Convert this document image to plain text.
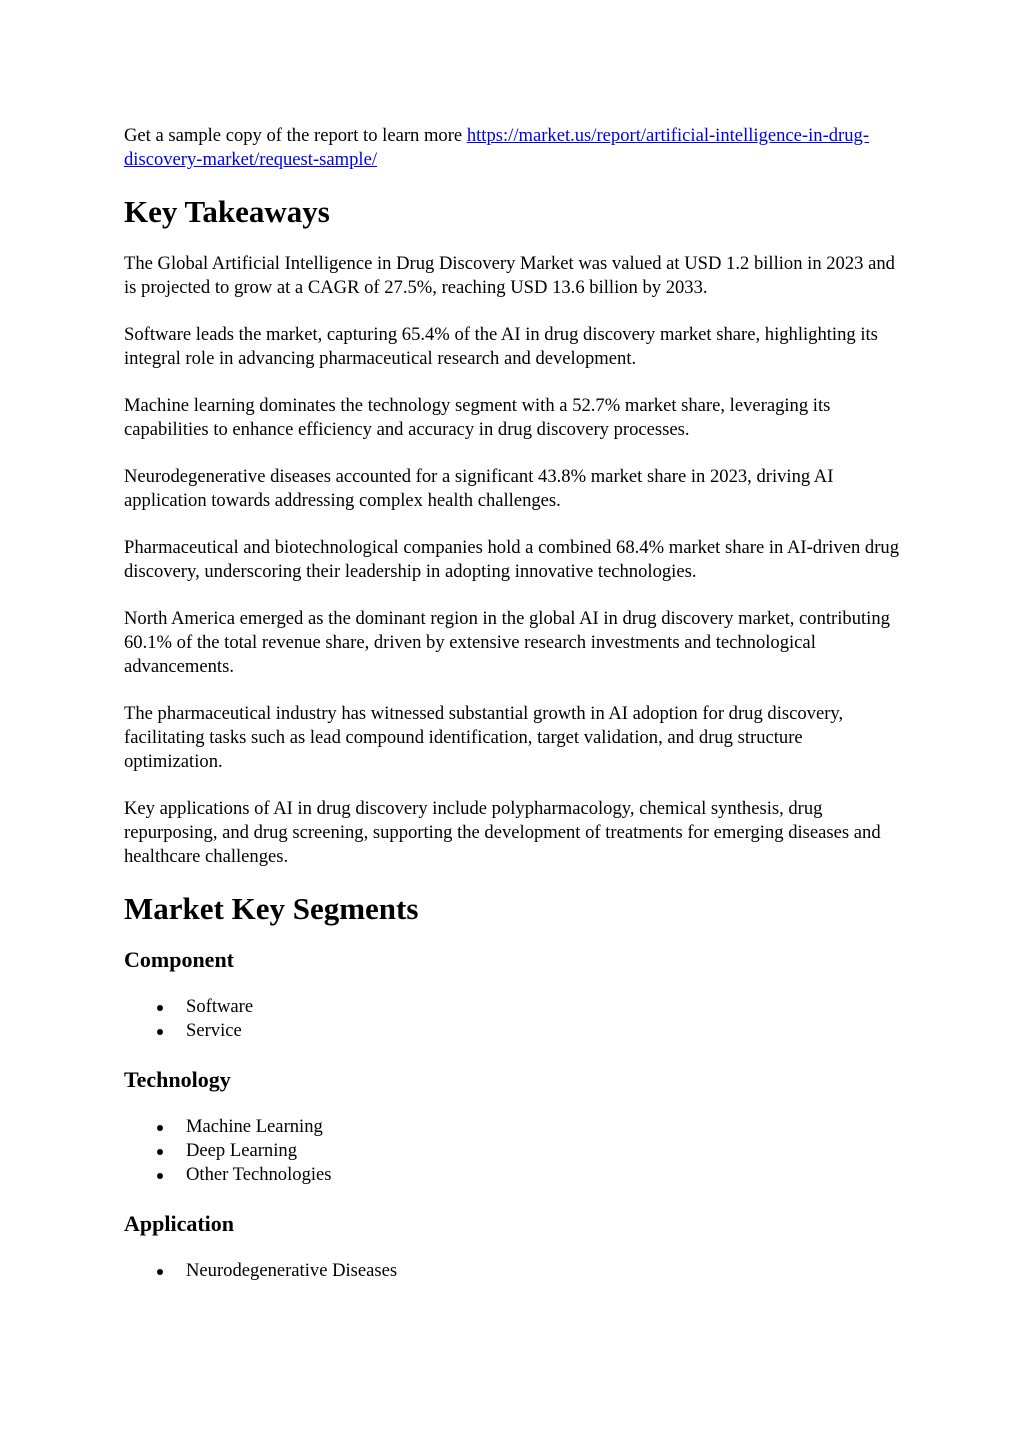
Get a sample copy of the report to learn more https://market.us/report/artificial-intelligence-in-drug-discovery-market/request-sample/

Key Takeaways

The Global Artificial Intelligence in Drug Discovery Market was valued at USD 1.2 billion in 2023 and is projected to grow at a CAGR of 27.5%, reaching USD 13.6 billion by 2033.

Software leads the market, capturing 65.4% of the AI in drug discovery market share, highlighting its integral role in advancing pharmaceutical research and development.

Machine learning dominates the technology segment with a 52.7% market share, leveraging its capabilities to enhance efficiency and accuracy in drug discovery processes.

Neurodegenerative diseases accounted for a significant 43.8% market share in 2023, driving AI application towards addressing complex health challenges.

Pharmaceutical and biotechnological companies hold a combined 68.4% market share in AI-driven drug discovery, underscoring their leadership in adopting innovative technologies.

North America emerged as the dominant region in the global AI in drug discovery market, contributing 60.1% of the total revenue share, driven by extensive research investments and technological advancements.

The pharmaceutical industry has witnessed substantial growth in AI adoption for drug discovery, facilitating tasks such as lead compound identification, target validation, and drug structure optimization.

Key applications of AI in drug discovery include polypharmacology, chemical synthesis, drug repurposing, and drug screening, supporting the development of treatments for emerging diseases and healthcare challenges.

Market Key Segments
Component
Software
Service
Technology
Machine Learning
Deep Learning
Other Technologies
Application
Neurodegenerative Diseases
